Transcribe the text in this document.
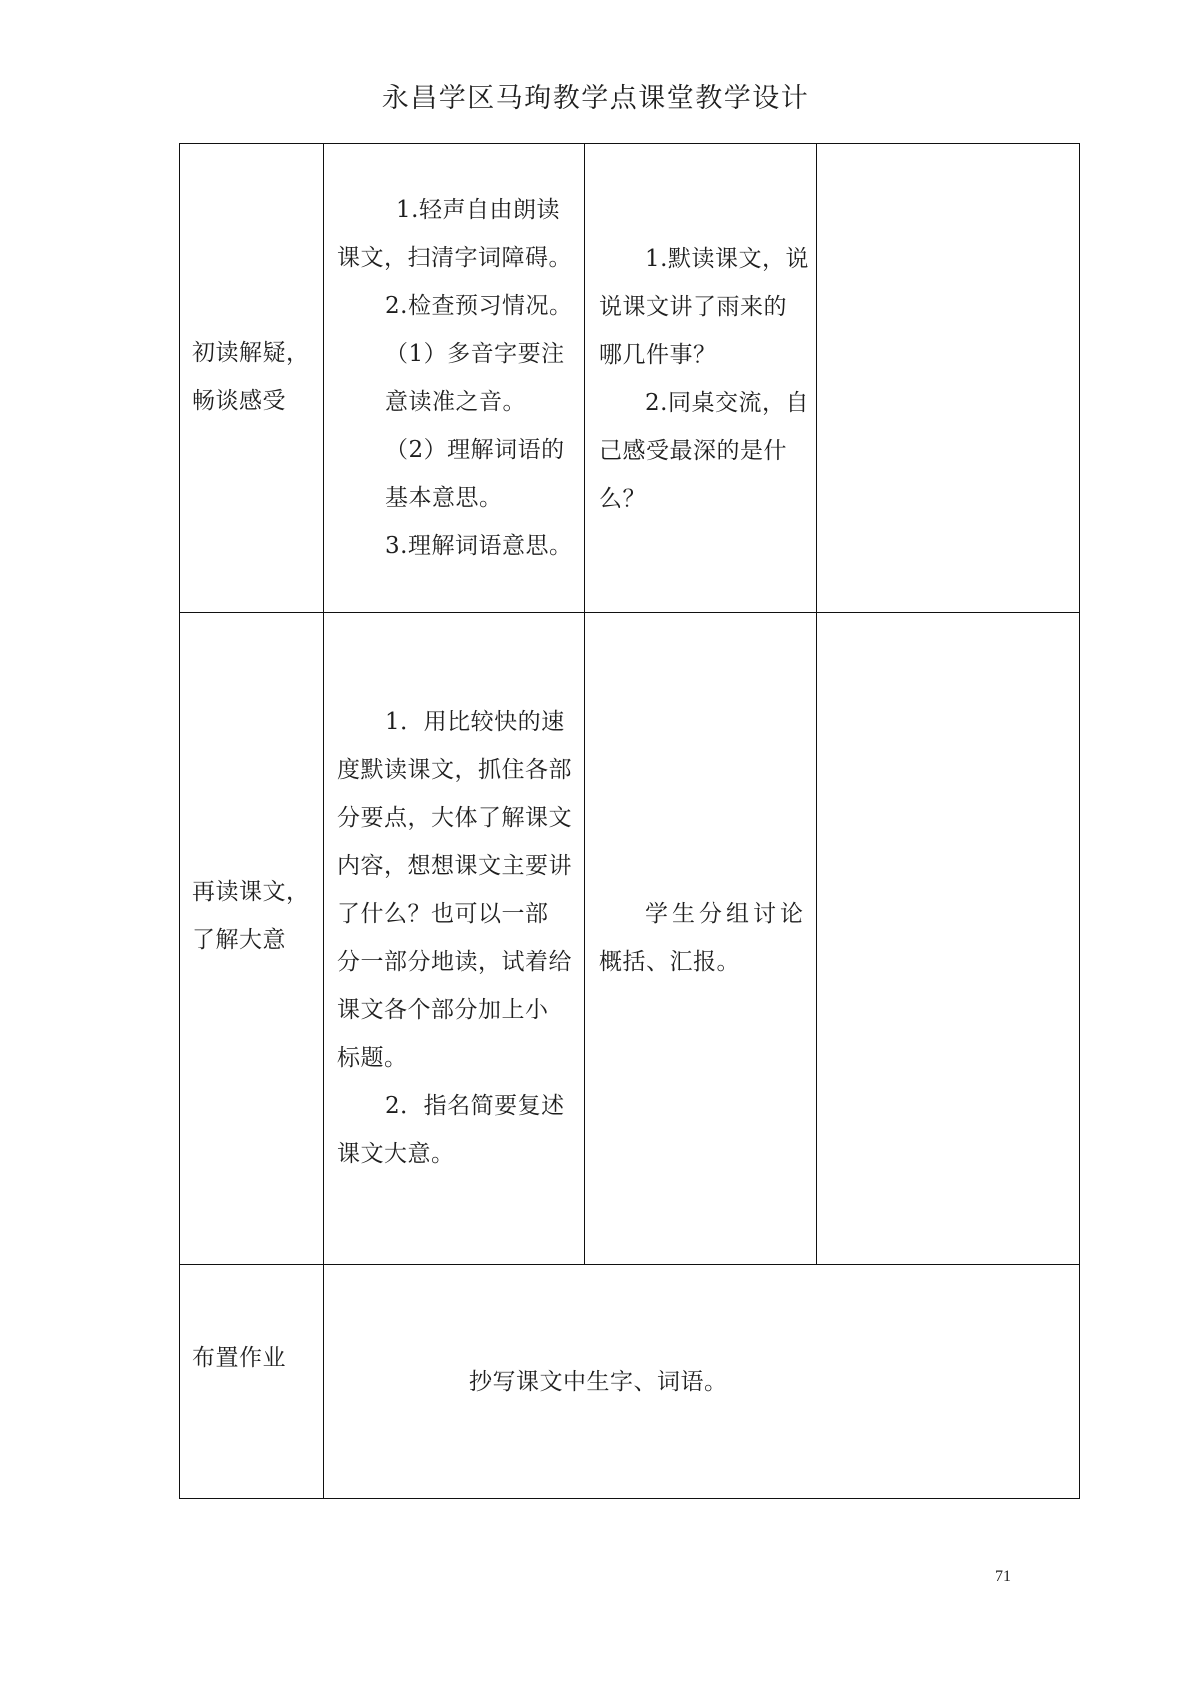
永昌学区马珣教学点课堂教学设计
初读解疑，
畅谈感受
1.轻声自由朗读
课文，扫清字词障碍。
2.检查预习情况。
（1）多音字要注
意读准之音。
（2）理解词语的
基本意思。
3.理解词语意思。
1.默读课文，说
说课文讲了雨来的
哪几件事？
2.同桌交流，自
己感受最深的是什
么？
再读课文，
了解大意
1．用比较快的速
度默读课文，抓住各部
分要点，大体了解课文
内容，想想课文主要讲
了什么？也可以一部
分一部分地读，试着给
课文各个部分加上小
标题。
2．指名简要复述
课文大意。
学生分组讨论
概括、汇报。
布置作业
抄写课文中生字、词语。
71
